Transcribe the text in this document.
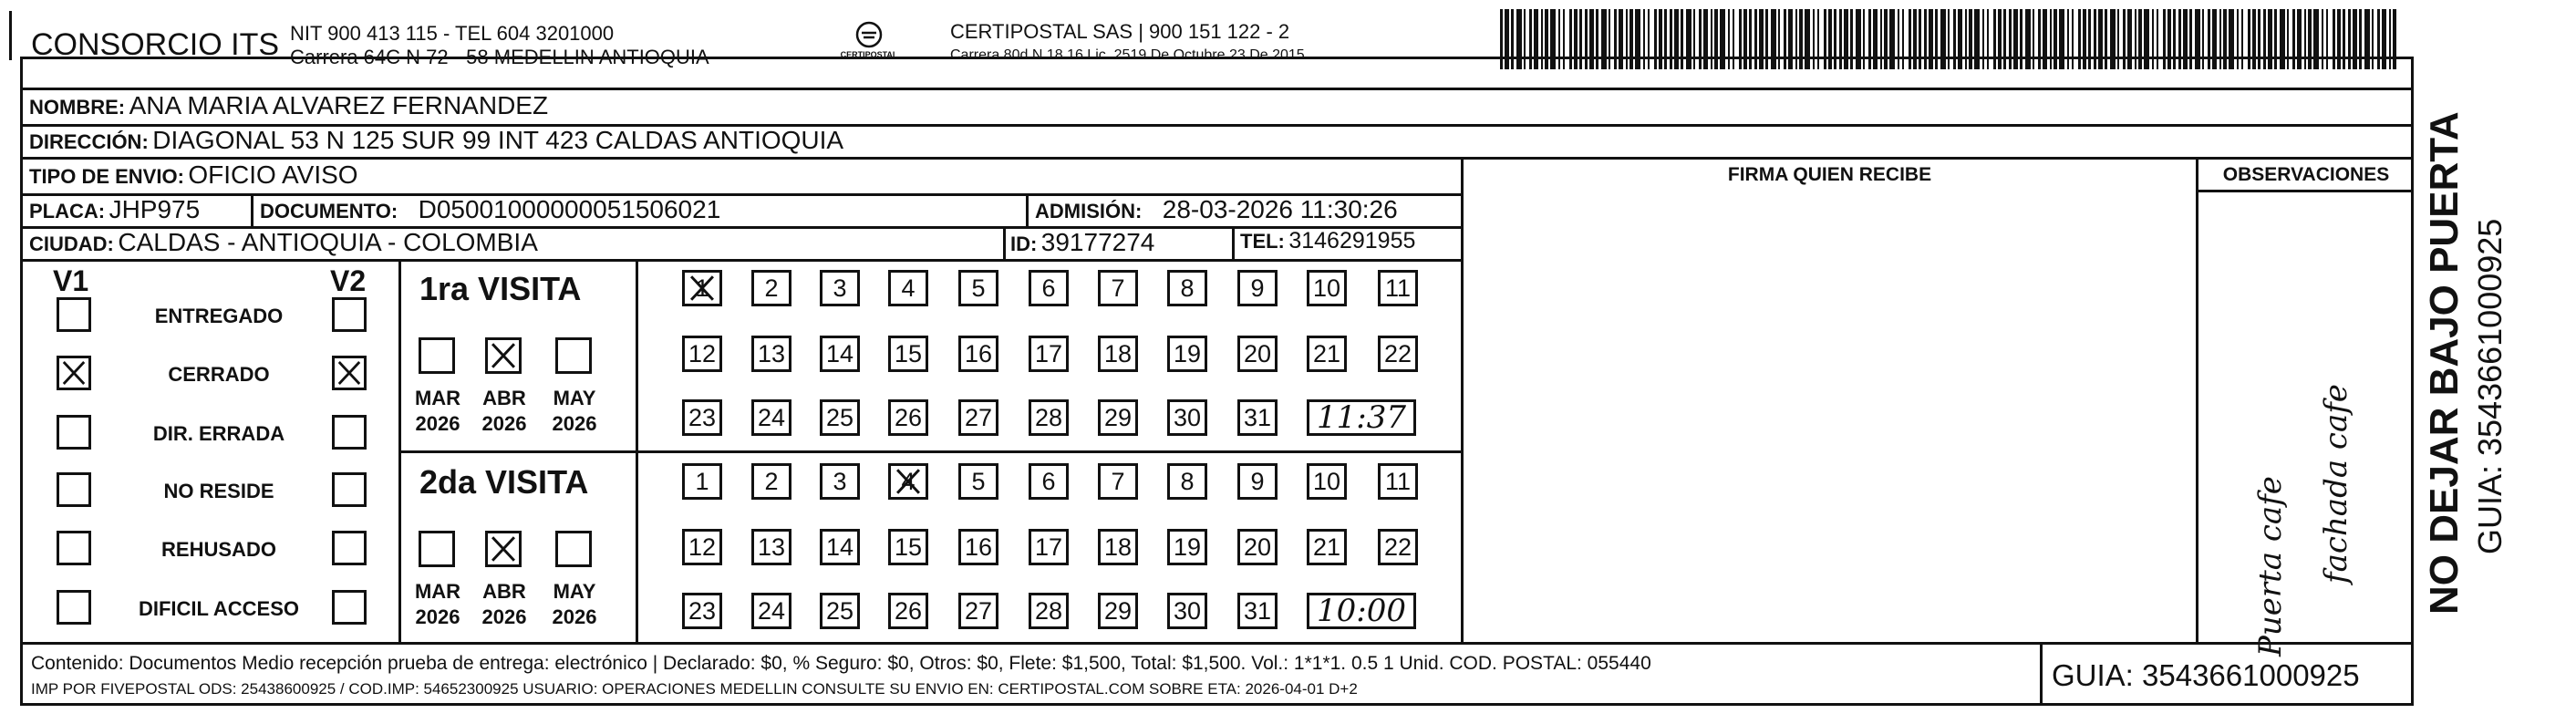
CONSORCIO ITS NIT 900 413 115 - TEL 604 3201000
Carrera 64C N 72 - 58 MEDELLIN ANTIOQUIA	CERTIPOSTAL
CERTIPOSTAL SAS | 900 151 122 - 2
Carrera 80d N 18 16 Lic. 2519 De Octubre 23 De 2015
NOMBRE: ANA MARIA ALVAREZ FERNANDEZ
DIRECCIÓN: DIAGONAL 53 N 125 SUR 99 INT 423 CALDAS ANTIOQUIA
TIPO DE ENVIO: OFICIO AVISO	FIRMA QUIEN RECIBE	OBSERVACIONES
PLACA: JHP975	DOCUMENTO: D05001000000051506021	ADMISIÓN: 28-03-2026 11:30:26
CIUDAD: CALDAS - ANTIOQUIA - COLOMBIA	ID: 39177274	TEL: 3146291955
V1	V2 1ra VISITA
2da VISITA	Puerta cafe fachada cafe
Contenido: Documentos Medio recepción prueba de entrega: electrónico | Declarado: $0, % Seguro: $0, Otros: $0, Flete: $1,500, Total: $1,500. Vol.: 1*1*1. 0.5 1 Unid. COD. POSTAL: 055440
IMP POR FIVEPOSTAL ODS: 25438600925 / COD.IMP: 54652300925 USUARIO: OPERACIONES MEDELLIN CONSULTE SU ENVIO EN: CERTIPOSTAL.COM SOBRE ETA: 2026-04-01 D+2	GUIA: 3543661000925
NO DEJAR BAJO PUERTA GUIA: 3543661000925
ENTREGADO
CERRADO
DIR. ERRADA
NO RESIDE
REHUSADO
DIFICIL ACCESO
MAR
2026
ABR
2026
MAY
2026
1	2	3	4	5	6	7	8	9	10 11
12 13 14 15 16 17 18 19 20 21 22
23 24 25 26 27 28 29 30 31	11:37
MAR
2026
ABR
2026
MAY
2026
1	2	3	4	5	6	7	8	9	10 11
12 13 14 15 16 17 18 19 20 21 22
23 24 25 26 27 28 29 30 31	10:00
